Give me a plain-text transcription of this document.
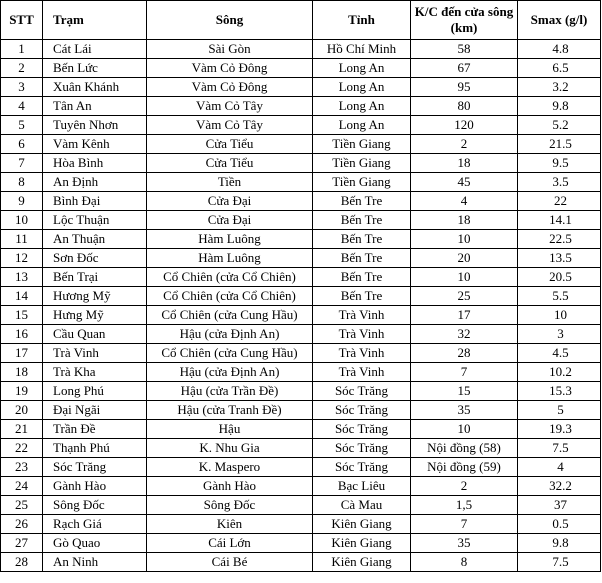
STT	Trạm	Sông	Tỉnh	K/C đến cửa sông (km)	Smax (g/l)
1	Cát Lái	Sài Gòn	Hồ Chí Minh	58	4.8
2	Bến Lức	Vàm Cỏ Đông	Long An	67	6.5
3	Xuân Khánh	Vàm Cỏ Đông	Long An	95	3.2
4	Tân An	Vàm Cỏ Tây	Long An	80	9.8
5	Tuyên Nhơn	Vàm Cỏ Tây	Long An	120	5.2
6	Vàm Kênh	Cửa Tiểu	Tiền Giang	2	21.5
7	Hòa Bình	Cửa Tiểu	Tiền Giang	18	9.5
8	An Định	Tiền	Tiền Giang	45	3.5
9	Bình Đại	Cửa Đại	Bến Tre	4	22
10	Lộc Thuận	Cửa Đại	Bến Tre	18	14.1
11	An Thuận	Hàm Luông	Bến Tre	10	22.5
12	Sơn Đốc	Hàm Luông	Bến Tre	20	13.5
13	Bến Trại	Cổ Chiên (cửa Cổ Chiên)	Bến Tre	10	20.5
14	Hương Mỹ	Cổ Chiên (cửa Cổ Chiên)	Bến Tre	25	5.5
15	Hưng Mỹ	Cổ Chiên (cửa Cung Hầu)	Trà Vinh	17	10
16	Cầu Quan	Hậu (cửa Định An)	Trà Vinh	32	3
17	Trà Vinh	Cổ Chiên (cửa Cung Hầu)	Trà Vinh	28	4.5
18	Trà Kha	Hậu (cửa Định An)	Trà Vinh	7	10.2
19	Long Phú	Hậu (cửa Trần Đề)	Sóc Trăng	15	15.3
20	Đại Ngãi	Hậu (cửa Tranh Đề)	Sóc Trăng	35	5
21	Trần Đề	Hậu	Sóc Trăng	10	19.3
22	Thạnh Phú	K. Nhu Gia	Sóc Trăng	Nội đồng (58)	7.5
23	Sóc Trăng	K. Maspero	Sóc Trăng	Nội đồng (59)	4
24	Gành Hào	Gành Hào	Bạc Liêu	2	32.2
25	Sông Đốc	Sông Đốc	Cà Mau	1,5	37
26	Rạch Giá	Kiên	Kiên Giang	7	0.5
27	Gò Quao	Cái Lớn	Kiên Giang	35	9.8
28	An Ninh	Cái Bé	Kiên Giang	8	7.5
